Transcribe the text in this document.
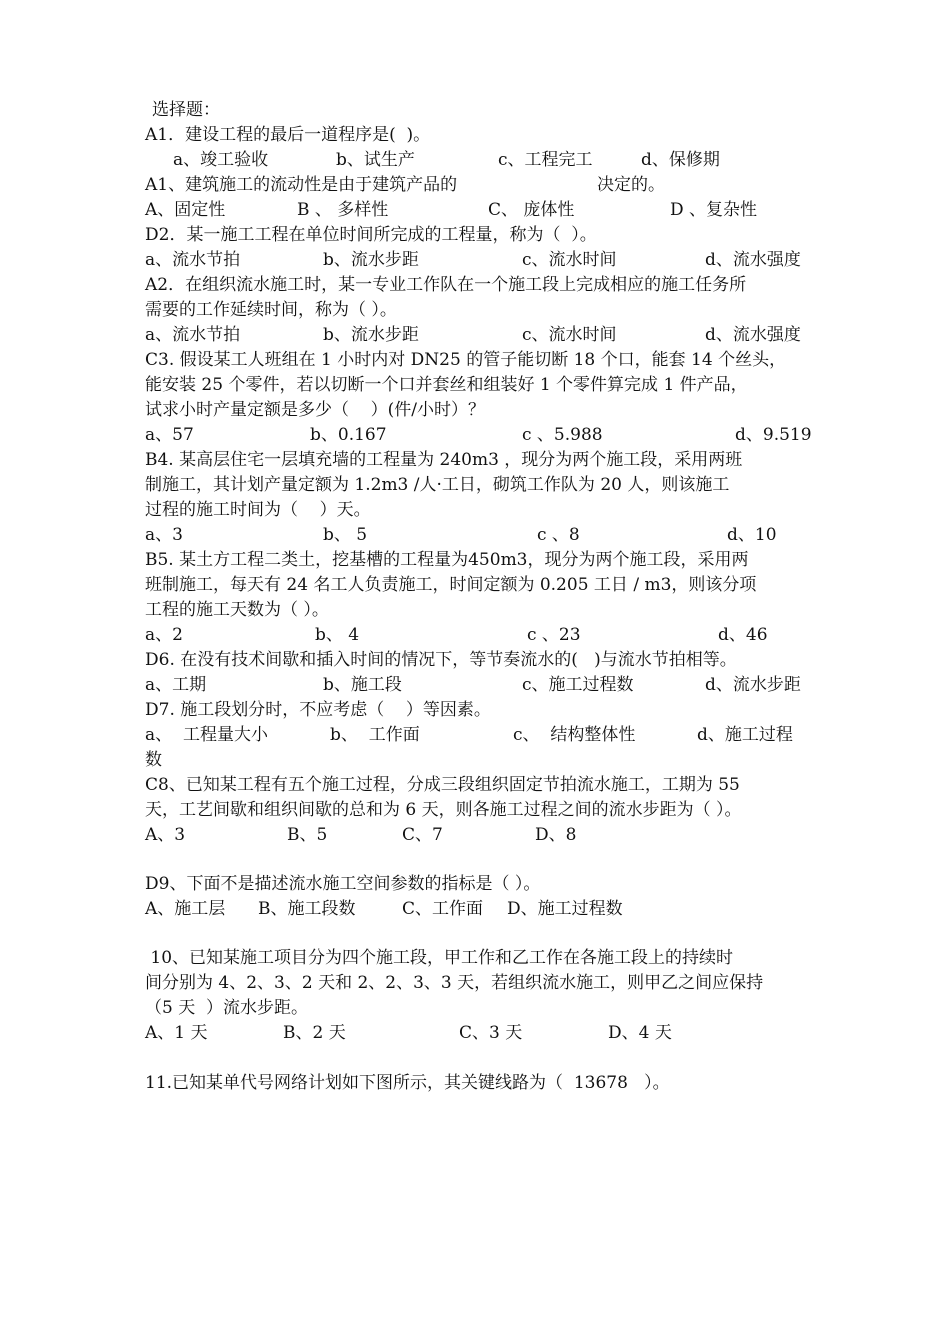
选择题：
A1．建设工程的最后一道程序是(  )。
a、竣工验收	b、试生产	c、工程完工	d、保修期
A1、建筑施工的流动性是由于建筑产品的	决定的。
A、固定性	B 、 多样性	C、 庞体性	D 、复杂性
D2．某一施工工程在单位时间所完成的工程量，称为（  ）。
a、流水节拍	b、流水步距	c、流水时间	d、流水强度
A2．在组织流水施工时，某一专业工作队在一个施工段上完成相应的施工任务所
需要的工作延续时间，称为（ ）。
a、流水节拍	b、流水步距	c、流水时间	d、流水强度
C3. 假设某工人班组在 1 小时内对 DN25 的管子能切断 18 个口，能套 14 个丝头，
能安装 25 个零件，若以切断一个口并套丝和组装好 1 个零件算完成 1 件产品，
试求小时产量定额是多少（    ）(件/小时）？
a、57	b、0.167	c 、5.988	d、9.519
B4. 某高层住宅一层填充墙的工程量为 240m3 ，现分为两个施工段，采用两班
制施工，其计划产量定额为 1.2m3 /人·工日，砌筑工作队为 20 人，则该施工
过程的施工时间为（    ）天。
a、3	b、 5	c 、8	d、10
B5. 某土方工程二类土，挖基槽的工程量为450m3，现分为两个施工段，采用两
班制施工，每天有 24 名工人负责施工，时间定额为 0.205 工日 / m3，则该分项
工程的施工天数为（ ）。
a、2	b、 4	c 、23	d、46
D6. 在没有技术间歇和插入时间的情况下，等节奏流水的(   )与流水节拍相等。
a、工期	b、施工段	c、施工过程数	d、流水步距
D7. 施工段划分时，不应考虑（    ）等因素。
a、  工程量大小	b、  工作面	c、  结构整体性	d、施工过程
数
C8、已知某工程有五个施工过程，分成三段组织固定节拍流水施工，工期为 55
天，工艺间歇和组织间歇的总和为 6 天，则各施工过程之间的流水步距为（ ）。
A、3	B、5	C、7	D、8
D9、下面不是描述流水施工空间参数的指标是（ ）。
A、施工层 B、施工段数	C、工作面 D、施工过程数
10、已知某施工项目分为四个施工段，甲工作和乙工作在各施工段上的持续时
间分别为 4、2、3、2 天和 2、2、3、3 天，若组织流水施工，则甲乙之间应保持
（5 天  ）流水步距。
A、1 天	B、2 天	C、3 天	D、4 天
11.已知某单代号网络计划如下图所示，其关键线路为（  13678   ）。
